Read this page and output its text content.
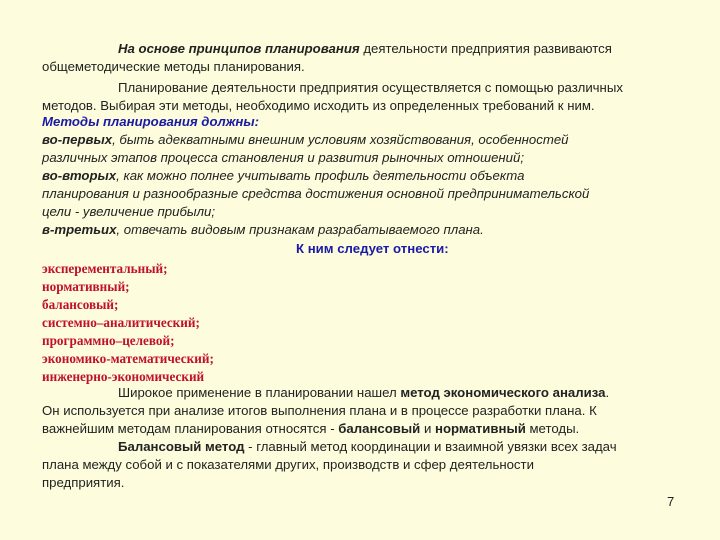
На основе принципов планирования деятельности предприятия развиваются
общеметодические методы планирования.
Планирование деятельности предприятия осуществляется с помощью различных
методов. Выбирая эти методы, необходимо исходить из определенных требований к ним.
Методы планирования должны:
во-первых, быть адекватными внешним условиям хозяйствования, особенностей
различных этапов процесса становления и развития рыночных отношений;
во-вторых, как можно полнее учитывать профиль деятельности объекта
планирования и разнообразные средства достижения основной предпринимательской
цели - увеличение прибыли;
в-третьих, отвечать видовым признакам разрабатываемого плана.
К ним следует отнести:
эксперементальный;
нормативный;
балансовый;
системно–аналитический;
программно–целевой;
экономико-математический;
инженерно-экономический
Широкое применение в планировании нашел метод экономического анализа.
Он используется при анализе итогов выполнения плана и в процессе разработки плана. К
важнейшим методам планирования относятся - балансовый и нормативный методы.
Балансовый метод - главный метод координации и взаимной увязки всех задач
плана между собой и с показателями других, производств и сфер деятельности
предприятия.
7
